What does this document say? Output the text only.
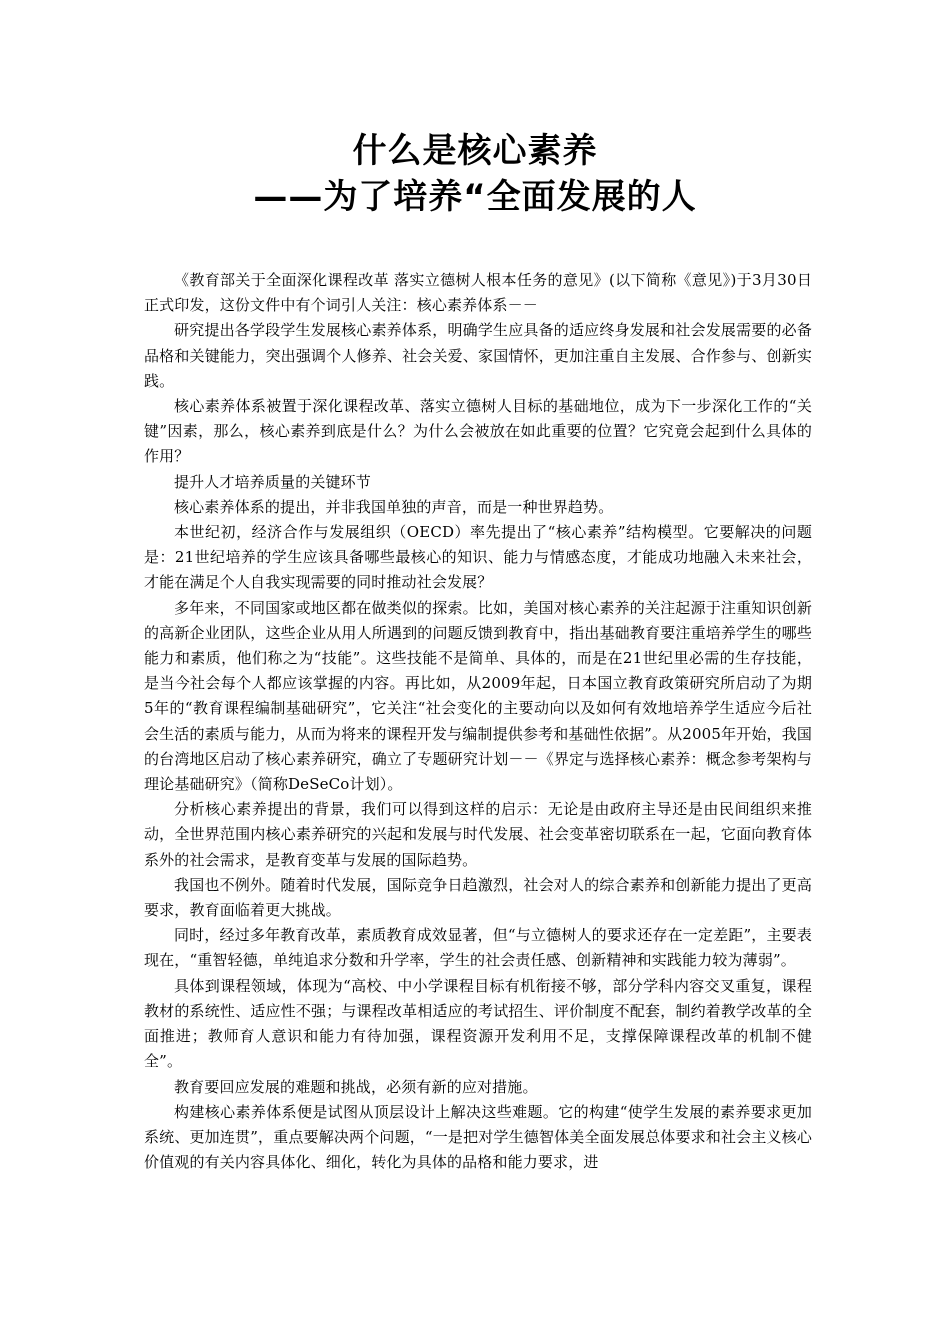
什么是核心素养
——为了培养“全面发展的人

《教育部关于全面深化课程改革 落实立德树人根本任务的意见》(以下简称《意见》)于3月30日正式印发，这份文件中有个词引人关注：核心素养体系－－

研究提出各学段学生发展核心素养体系，明确学生应具备的适应终身发展和社会发展需要的必备品格和关键能力，突出强调个人修养、社会关爱、家国情怀，更加注重自主发展、合作参与、创新实践。

核心素养体系被置于深化课程改革、落实立德树人目标的基础地位，成为下一步深化工作的“关键”因素，那么，核心素养到底是什么？为什么会被放在如此重要的位置？它究竟会起到什么具体的作用？

提升人才培养质量的关键环节

核心素养体系的提出，并非我国单独的声音，而是一种世界趋势。

本世纪初，经济合作与发展组织（OECD）率先提出了“核心素养”结构模型。它要解决的问题是：21世纪培养的学生应该具备哪些最核心的知识、能力与情感态度，才能成功地融入未来社会，才能在满足个人自我实现需要的同时推动社会发展？

多年来，不同国家或地区都在做类似的探索。比如，美国对核心素养的关注起源于注重知识创新的高新企业团队，这些企业从用人所遇到的问题反馈到教育中，指出基础教育要注重培养学生的哪些能力和素质，他们称之为“技能”。这些技能不是简单、具体的，而是在21世纪里必需的生存技能，是当今社会每个人都应该掌握的内容。再比如，从2009年起，日本国立教育政策研究所启动了为期5年的“教育课程编制基础研究”，它关注“社会变化的主要动向以及如何有效地培养学生适应今后社会生活的素质与能力，从而为将来的课程开发与编制提供参考和基础性依据”。从2005年开始，我国的台湾地区启动了核心素养研究，确立了专题研究计划－－《界定与选择核心素养：概念参考架构与理论基础研究》（简称DeSeCo计划）。

分析核心素养提出的背景，我们可以得到这样的启示：无论是由政府主导还是由民间组织来推动，全世界范围内核心素养研究的兴起和发展与时代发展、社会变革密切联系在一起，它面向教育体系外的社会需求，是教育变革与发展的国际趋势。

我国也不例外。随着时代发展，国际竞争日趋激烈，社会对人的综合素养和创新能力提出了更高要求，教育面临着更大挑战。

同时，经过多年教育改革，素质教育成效显著，但“与立德树人的要求还存在一定差距”，主要表现在，“重智轻德，单纯追求分数和升学率，学生的社会责任感、创新精神和实践能力较为薄弱”。

具体到课程领域，体现为“高校、中小学课程目标有机衔接不够，部分学科内容交叉重复，课程教材的系统性、适应性不强；与课程改革相适应的考试招生、评价制度不配套，制约着教学改革的全面推进；教师育人意识和能力有待加强，课程资源开发利用不足，支撑保障课程改革的机制不健全”。

教育要回应发展的难题和挑战，必须有新的应对措施。

构建核心素养体系便是试图从顶层设计上解决这些难题。它的构建“使学生发展的素养要求更加系统、更加连贯”，重点要解决两个问题，“一是把对学生德智体美全面发展总体要求和社会主义核心价值观的有关内容具体化、细化，转化为具体的品格和能力要求，进
